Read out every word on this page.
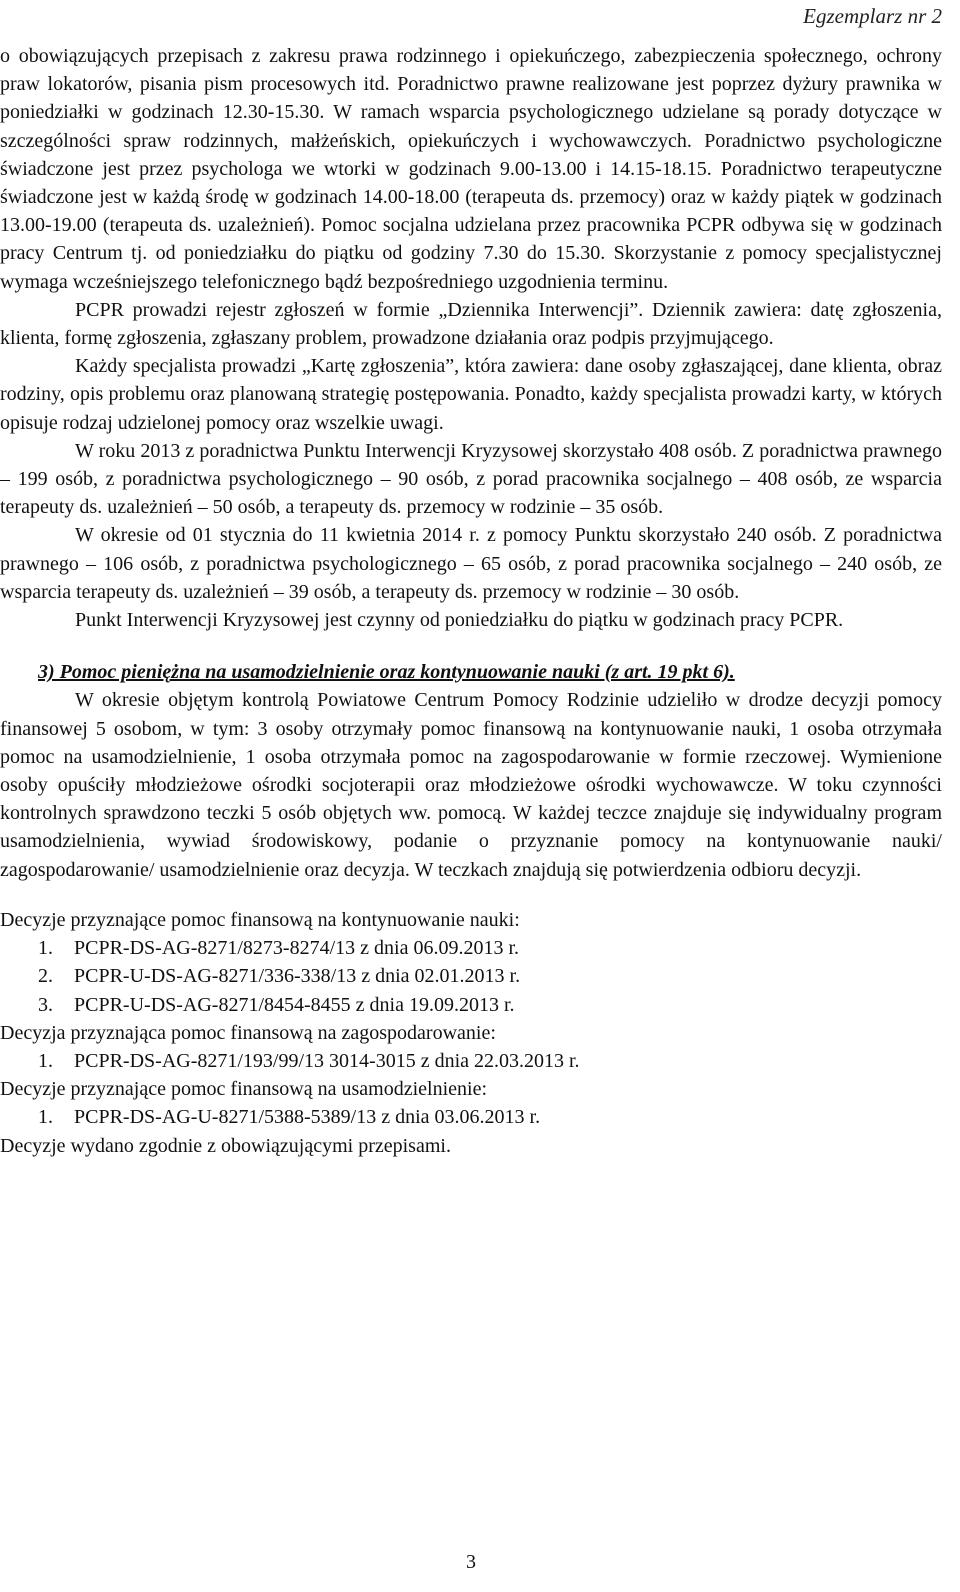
Egzemplarz nr 2

o obowiązujących przepisach z zakresu prawa rodzinnego i opiekuńczego, zabezpieczenia społecznego, ochrony praw lokatorów, pisania pism procesowych itd. Poradnictwo prawne realizowane jest poprzez dyżury prawnika w poniedziałki w godzinach 12.30-15.30. W ramach wsparcia psychologicznego udzielane są porady dotyczące w szczególności spraw rodzinnych, małżeńskich, opiekuńczych i wychowawczych. Poradnictwo psychologiczne świadczone jest przez psychologa we wtorki w godzinach 9.00-13.00 i 14.15-18.15. Poradnictwo terapeutyczne świadczone jest w każdą środę w godzinach 14.00-18.00 (terapeuta ds. przemocy) oraz w każdy piątek w godzinach 13.00-19.00 (terapeuta ds. uzależnień). Pomoc socjalna udzielana przez pracownika PCPR odbywa się w godzinach pracy Centrum tj. od poniedziałku do piątku od godziny 7.30 do 15.30. Skorzystanie z pomocy specjalistycznej wymaga wcześniejszego telefonicznego bądź bezpośredniego uzgodnienia terminu.

PCPR prowadzi rejestr zgłoszeń w formie „Dziennika Interwencji”. Dziennik zawiera: datę zgłoszenia, klienta, formę zgłoszenia, zgłaszany problem, prowadzone działania oraz podpis przyjmującego.

Każdy specjalista prowadzi „Kartę zgłoszenia”, która zawiera: dane osoby zgłaszającej, dane klienta, obraz rodziny, opis problemu oraz planowaną strategię postępowania. Ponadto, każdy specjalista prowadzi karty, w których opisuje rodzaj udzielonej pomocy oraz wszelkie uwagi.

W roku 2013 z poradnictwa Punktu Interwencji Kryzysowej skorzystało 408 osób. Z poradnictwa prawnego – 199 osób, z poradnictwa psychologicznego – 90 osób, z porad pracownika socjalnego – 408 osób, ze wsparcia terapeuty ds. uzależnień – 50 osób, a terapeuty ds. przemocy w rodzinie – 35 osób.

W okresie od 01 stycznia do 11 kwietnia 2014 r. z pomocy Punktu skorzystało 240 osób. Z poradnictwa prawnego – 106 osób, z poradnictwa psychologicznego – 65 osób, z porad pracownika socjalnego – 240 osób, ze wsparcia terapeuty ds. uzależnień – 39 osób, a terapeuty ds. przemocy w rodzinie – 30 osób.

Punkt Interwencji Kryzysowej jest czynny od poniedziałku do piątku w godzinach pracy PCPR.

3) Pomoc pieniężna na usamodzielnienie oraz kontynuowanie nauki (z art. 19 pkt 6).

W okresie objętym kontrolą Powiatowe Centrum Pomocy Rodzinie udzieliło w drodze decyzji pomocy finansowej 5 osobom, w tym: 3 osoby otrzymały pomoc finansową na kontynuowanie nauki, 1 osoba otrzymała pomoc na usamodzielnienie, 1 osoba otrzymała pomoc na zagospodarowanie w formie rzeczowej. Wymienione osoby opuściły młodzieżowe ośrodki socjoterapii oraz młodzieżowe ośrodki wychowawcze. W toku czynności kontrolnych sprawdzono teczki 5 osób objętych ww. pomocą. W każdej teczce znajduje się indywidualny program usamodzielnienia, wywiad środowiskowy, podanie o przyznanie pomocy na kontynuowanie nauki/ zagospodarowanie/ usamodzielnienie oraz decyzja. W teczkach znajdują się potwierdzenia odbioru decyzji.

Decyzje przyznające pomoc finansową na kontynuowanie nauki:

1. PCPR-DS-AG-8271/8273-8274/13 z dnia 06.09.2013 r.
2. PCPR-U-DS-AG-8271/336-338/13 z dnia 02.01.2013 r.
3. PCPR-U-DS-AG-8271/8454-8455 z dnia 19.09.2013 r.

Decyzja przyznająca pomoc finansową na zagospodarowanie:

1. PCPR-DS-AG-8271/193/99/13 3014-3015 z dnia 22.03.2013 r.

Decyzje przyznające pomoc finansową na usamodzielnienie:

1. PCPR-DS-AG-U-8271/5388-5389/13 z dnia 03.06.2013 r.

Decyzje wydano zgodnie z obowiązującymi przepisami.

3
